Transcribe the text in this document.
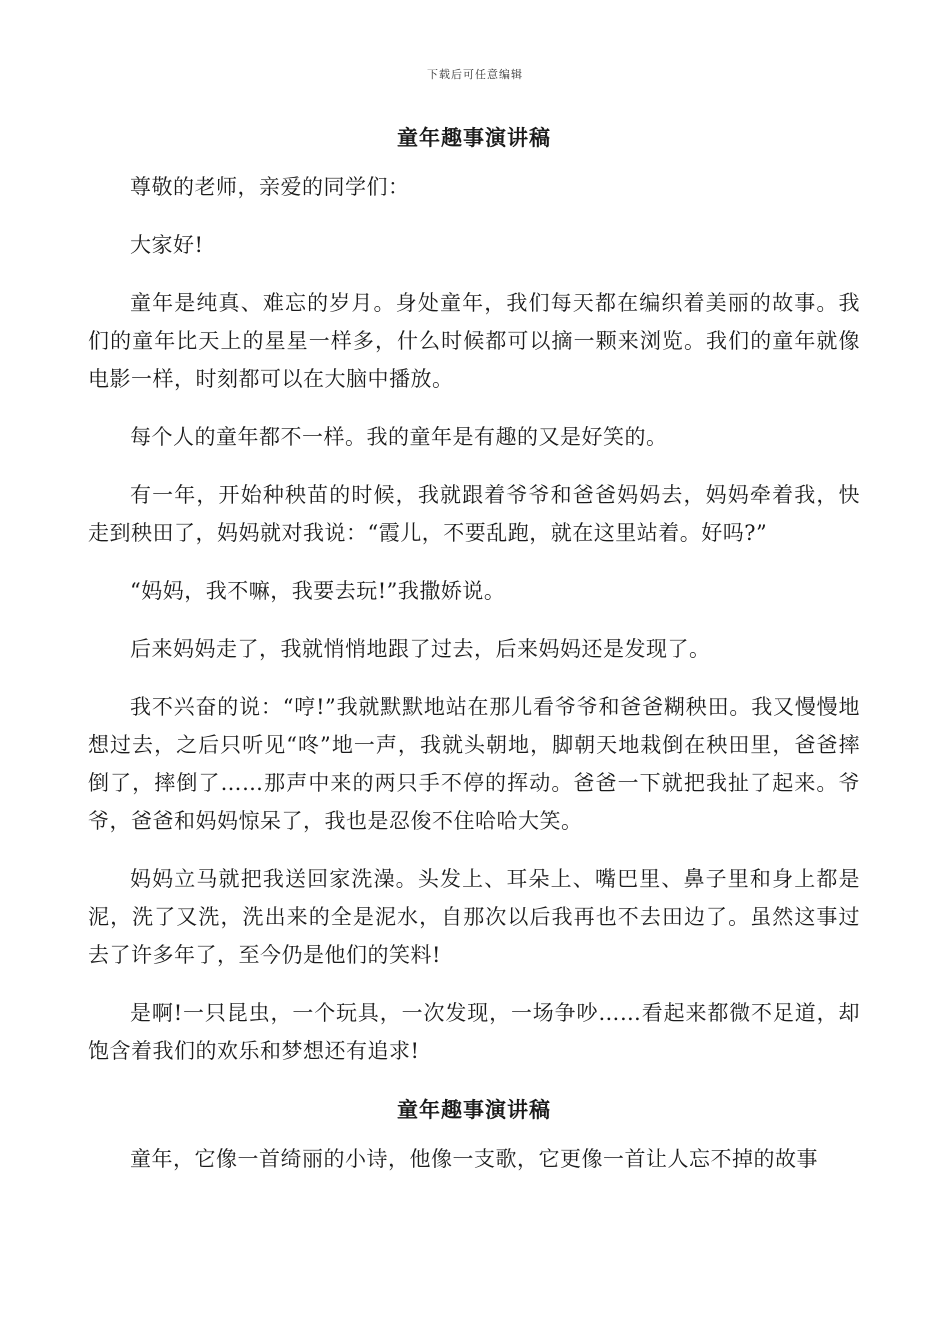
下载后可任意编辑
童年趣事演讲稿

尊敬的老师，亲爱的同学们：

大家好!

童年是纯真、难忘的岁月。身处童年，我们每天都在编织着美丽的故事。我们的童年比天上的星星一样多，什么时候都可以摘一颗来浏览。我们的童年就像电影一样，时刻都可以在大脑中播放。

每个人的童年都不一样。我的童年是有趣的又是好笑的。

有一年，开始种秧苗的时候，我就跟着爷爷和爸爸妈妈去，妈妈牵着我，快走到秧田了，妈妈就对我说：“霞儿，不要乱跑，就在这里站着。好吗?”

“妈妈，我不嘛，我要去玩!”我撒娇说。

后来妈妈走了，我就悄悄地跟了过去，后来妈妈还是发现了。

我不兴奋的说：“哼!”我就默默地站在那儿看爷爷和爸爸糊秧田。我又慢慢地想过去，之后只听见“咚”地一声，我就头朝地，脚朝天地栽倒在秧田里，爸爸摔倒了，摔倒了……那声中来的两只手不停的挥动。爸爸一下就把我扯了起来。爷爷，爸爸和妈妈惊呆了，我也是忍俊不住哈哈大笑。

妈妈立马就把我送回家洗澡。头发上、耳朵上、嘴巴里、鼻子里和身上都是泥，洗了又洗，洗出来的全是泥水，自那次以后我再也不去田边了。虽然这事过去了许多年了，至今仍是他们的笑料!

是啊!一只昆虫，一个玩具，一次发现，一场争吵……看起来都微不足道，却饱含着我们的欢乐和梦想还有追求!

童年趣事演讲稿

童年，它像一首绮丽的小诗，他像一支歌，它更像一首让人忘不掉的故事
